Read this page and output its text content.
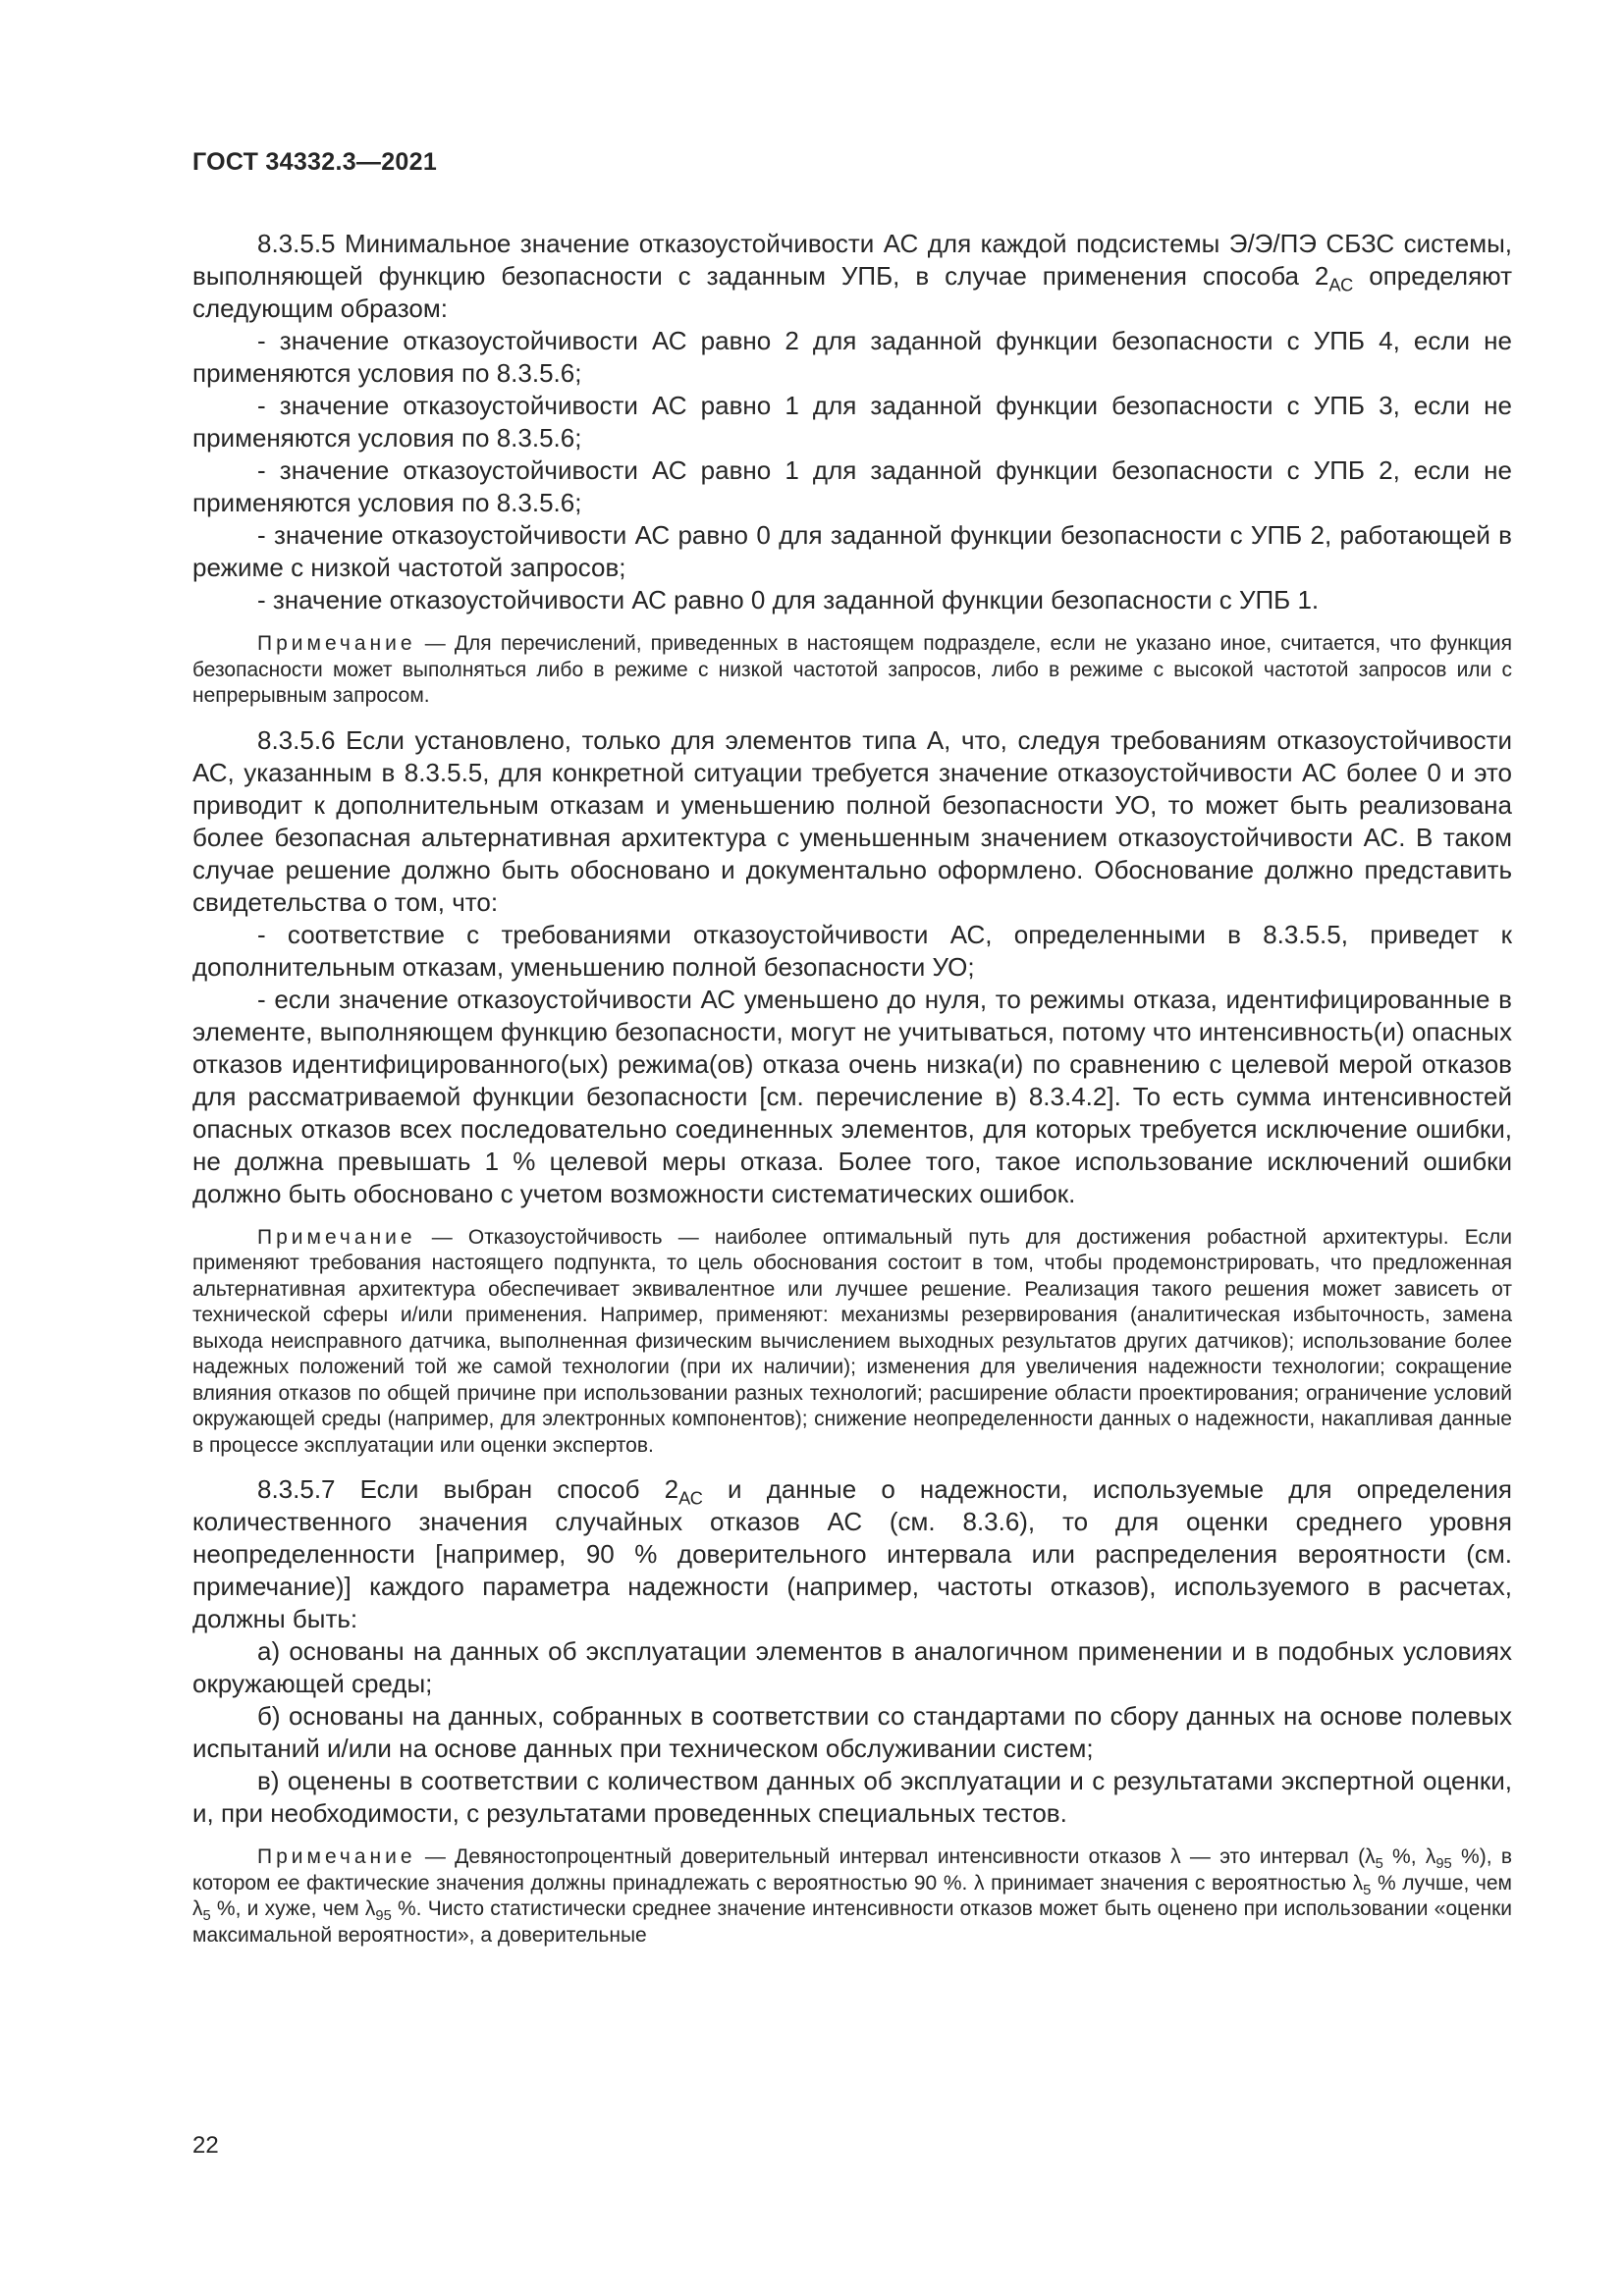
ГОСТ 34332.3—2021

8.3.5.5 Минимальное значение отказоустойчивости АС для каждой подсистемы Э/Э/ПЭ СБЗС системы, выполняющей функцию безопасности с заданным УПБ, в случае применения способа $2_{АС}$ определяют следующим образом:

- значение отказоустойчивости АС равно 2 для заданной функции безопасности с УПБ 4, если не применяются условия по 8.3.5.6;

- значение отказоустойчивости АС равно 1 для заданной функции безопасности с УПБ 3, если не применяются условия по 8.3.5.6;

- значение отказоустойчивости АС равно 1 для заданной функции безопасности с УПБ 2, если не применяются условия по 8.3.5.6;

- значение отказоустойчивости АС равно 0 для заданной функции безопасности с УПБ 2, работающей в режиме с низкой частотой запросов;

- значение отказоустойчивости АС равно 0 для заданной функции безопасности с УПБ 1.

Примечание — Для перечислений, приведенных в настоящем подразделе, если не указано иное, считается, что функция безопасности может выполняться либо в режиме с низкой частотой запросов, либо в режиме с высокой частотой запросов или с непрерывным запросом.

8.3.5.6 Если установлено, только для элементов типа А, что, следуя требованиям отказоустойчивости АС, указанным в 8.3.5.5, для конкретной ситуации требуется значение отказоустойчивости АС более 0 и это приводит к дополнительным отказам и уменьшению полной безопасности УО, то может быть реализована более безопасная альтернативная архитектура с уменьшенным значением отказоустойчивости АС. В таком случае решение должно быть обосновано и документально оформлено. Обоснование должно представить свидетельства о том, что:

- соответствие с требованиями отказоустойчивости АС, определенными в 8.3.5.5, приведет к дополнительным отказам, уменьшению полной безопасности УО;

- если значение отказоустойчивости АС уменьшено до нуля, то режимы отказа, идентифицированные в элементе, выполняющем функцию безопасности, могут не учитываться, потому что интенсивность(и) опасных отказов идентифицированного(ых) режима(ов) отказа очень низка(и) по сравнению с целевой мерой отказов для рассматриваемой функции безопасности [см. перечисление в) 8.3.4.2]. То есть сумма интенсивностей опасных отказов всех последовательно соединенных элементов, для которых требуется исключение ошибки, не должна превышать 1 % целевой меры отказа. Более того, такое использование исключений ошибки должно быть обосновано с учетом возможности систематических ошибок.

Примечание — Отказоустойчивость — наиболее оптимальный путь для достижения робастной архитектуры. Если применяют требования настоящего подпункта, то цель обоснования состоит в том, чтобы продемонстрировать, что предложенная альтернативная архитектура обеспечивает эквивалентное или лучшее решение. Реализация такого решения может зависеть от технической сферы и/или применения. Например, применяют: механизмы резервирования (аналитическая избыточность, замена выхода неисправного датчика, выполненная физическим вычислением выходных результатов других датчиков); использование более надежных положений той же самой технологии (при их наличии); изменения для увеличения надежности технологии; сокращение влияния отказов по общей причине при использовании разных технологий; расширение области проектирования; ограничение условий окружающей среды (например, для электронных компонентов); снижение неопределенности данных о надежности, накапливая данные в процессе эксплуатации или оценки экспертов.

8.3.5.7 Если выбран способ $2_{АС}$ и данные о надежности, используемые для определения количественного значения случайных отказов АС (см. 8.3.6), то для оценки среднего уровня неопределенности [например, 90 % доверительного интервала или распределения вероятности (см. примечание)] каждого параметра надежности (например, частоты отказов), используемого в расчетах, должны быть:

а) основаны на данных об эксплуатации элементов в аналогичном применении и в подобных условиях окружающей среды;

б) основаны на данных, собранных в соответствии со стандартами по сбору данных на основе полевых испытаний и/или на основе данных при техническом обслуживании систем;

в) оценены в соответствии с количеством данных об эксплуатации и с результатами экспертной оценки, и, при необходимости, с результатами проведенных специальных тестов.

Примечание — Девяностопроцентный доверительный интервал интенсивности отказов λ — это интервал ($\lambda_5$ %, $\lambda_{95}$ %), в котором ее фактические значения должны принадлежать с вероятностью 90 %. λ принимает значения с вероятностью $\lambda_5$ % лучше, чем $\lambda_5$ %, и хуже, чем $\lambda_{95}$ %. Чисто статистически среднее значение интенсивности отказов может быть оценено при использовании «оценки максимальной вероятности», а доверительные

22
